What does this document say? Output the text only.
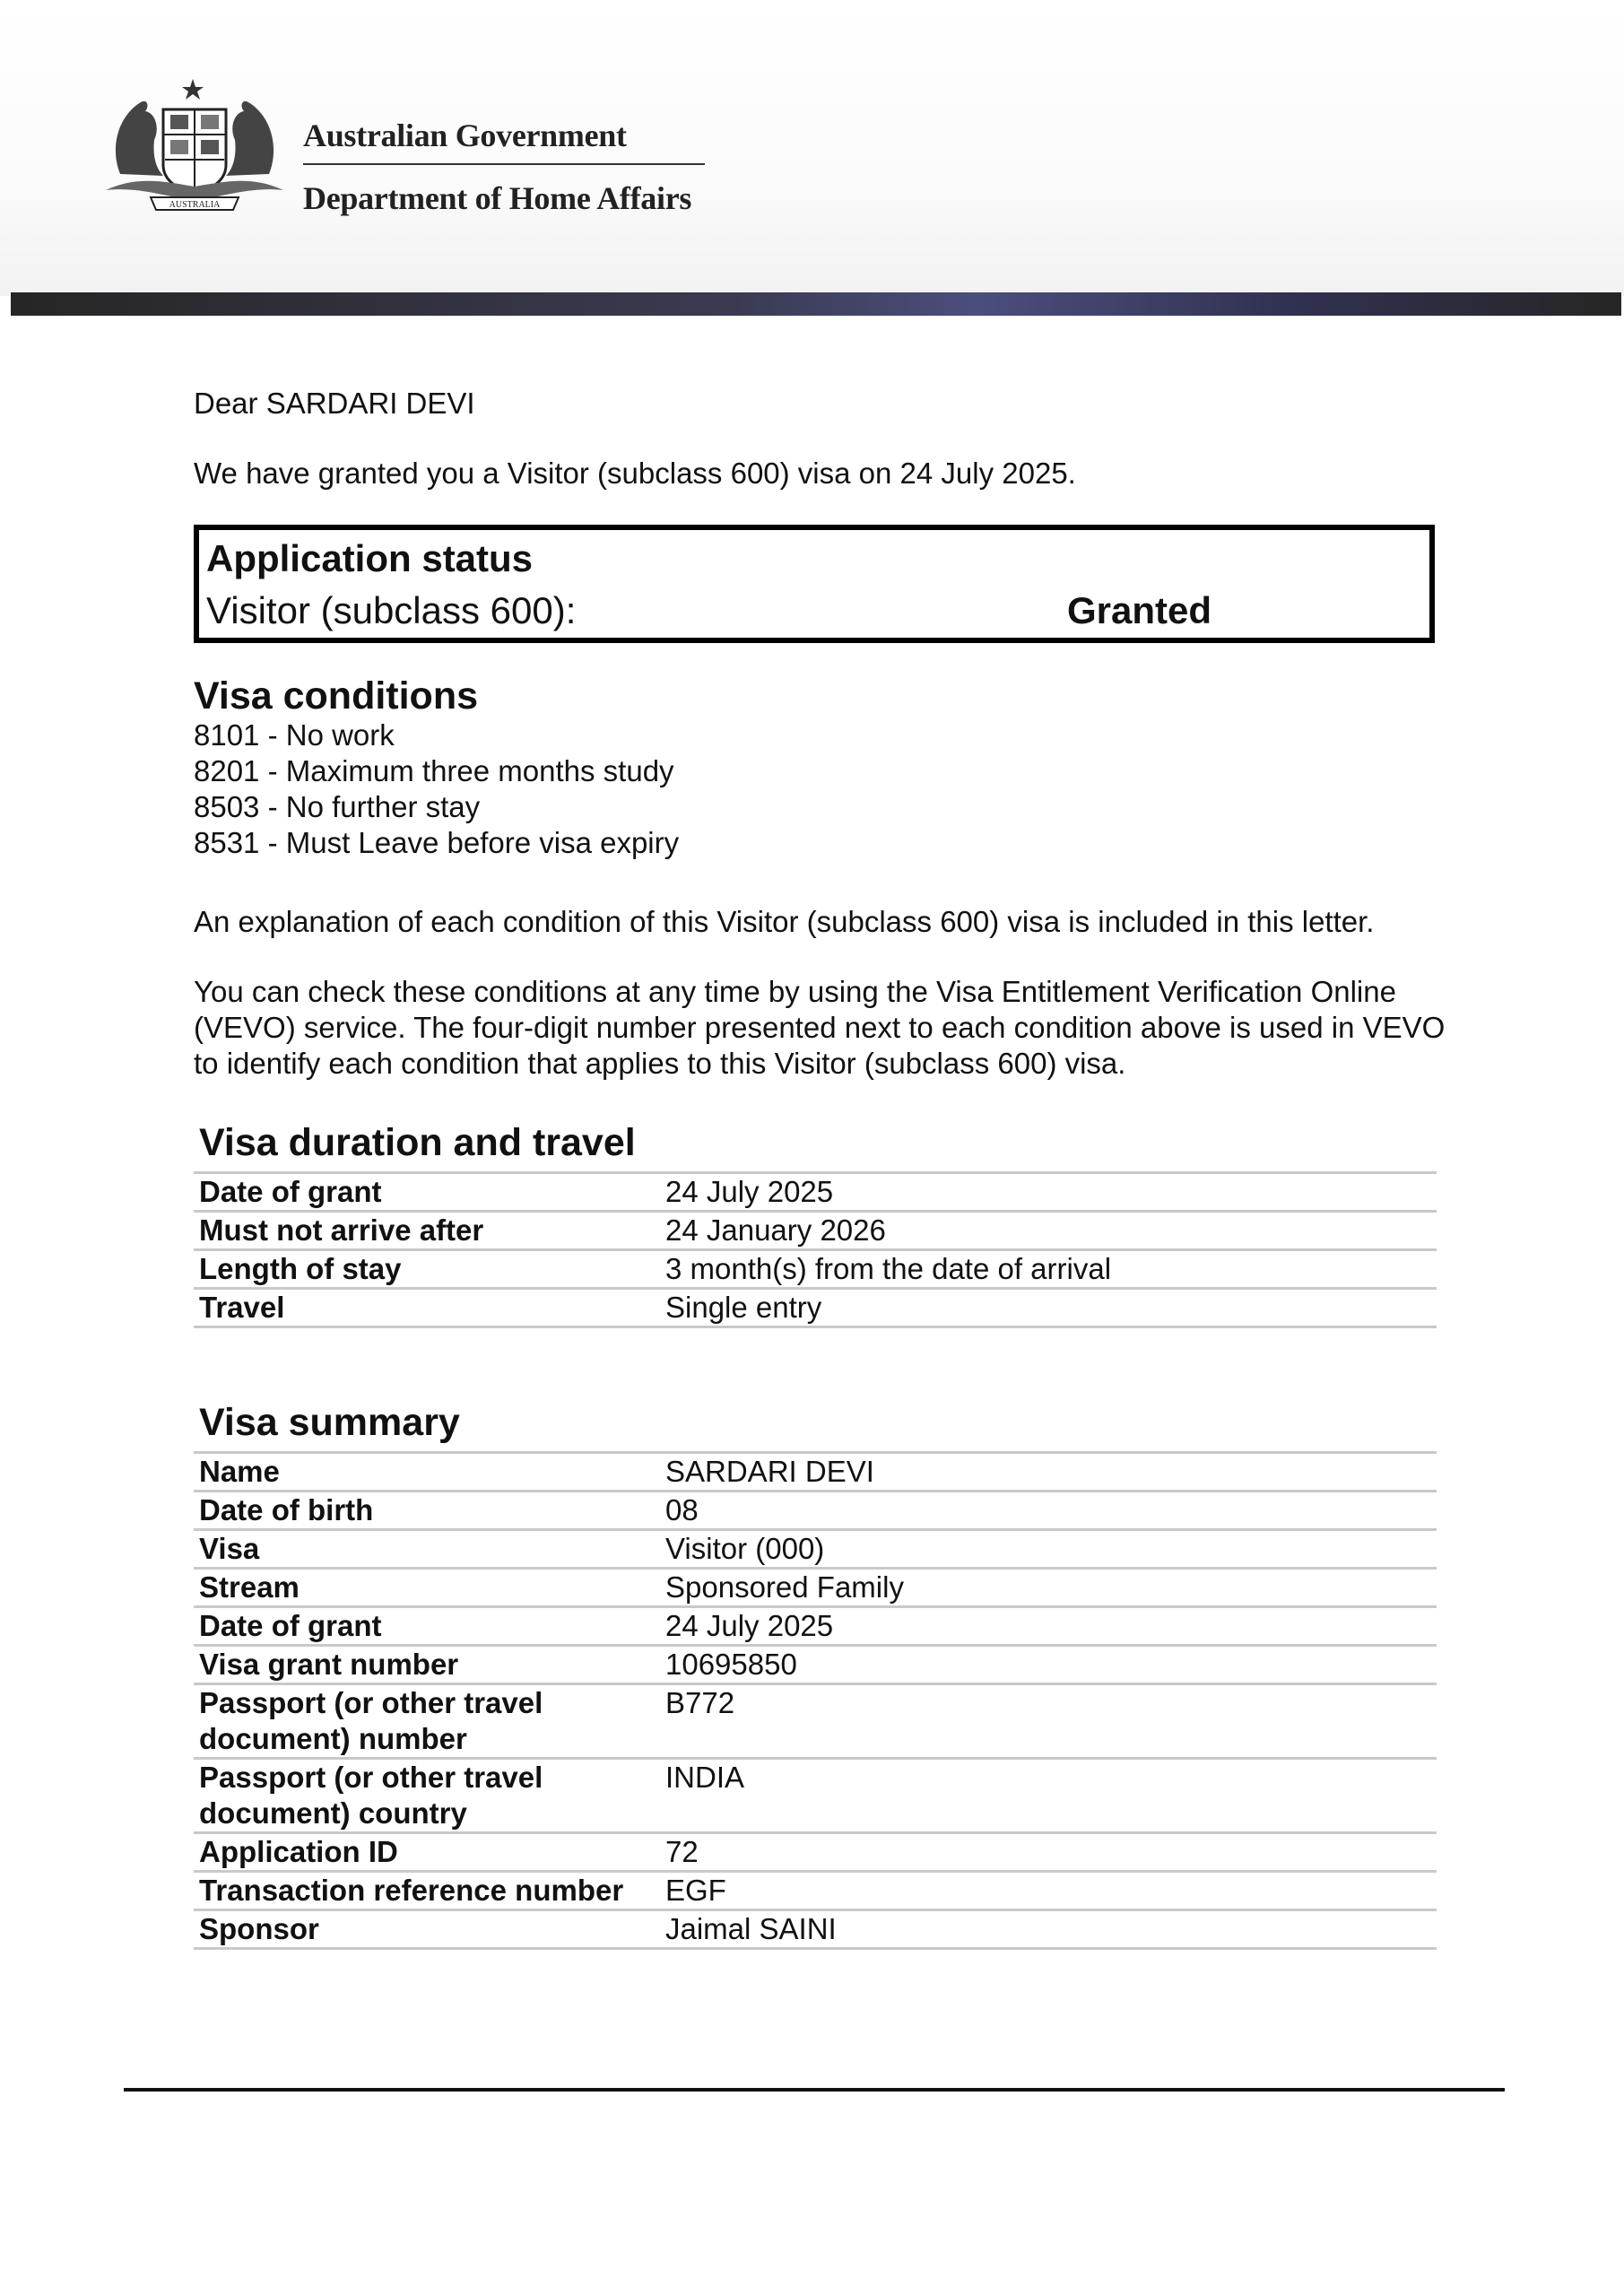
AUSTRALIA
Australian Government
Department of Home Affairs
Dear SARDARI DEVI
We have granted you a Visitor (subclass 600) visa on 24 July 2025.
Application status
Visitor (subclass 600):	Granted
Visa conditions
8101 - No work
8201 - Maximum three months study
8503 - No further stay
8531 - Must Leave before visa expiry
An explanation of each condition of this Visitor (subclass 600) visa is included in this letter.
You can check these conditions at any time by using the Visa Entitlement Verification Online (VEVO) service. The four-digit number presented next to each condition above is used in VEVO to identify each condition that applies to this Visitor (subclass 600) visa.
Visa duration and travel
Date of grant	24 July 2025
Must not arrive after	24 January 2026
Length of stay	3 month(s) from the date of arrival
Travel	Single entry
Visa summary
Name	SARDARI DEVI
Date of birth	08
Visa	Visitor (000)
Stream	Sponsored Family
Date of grant	24 July 2025
Visa grant number	10695850
Passport (or other travel document) number	B772
Passport (or other travel document) country	INDIA
Application ID	72
Transaction reference number	EGF
Sponsor	Jaimal SAINI
